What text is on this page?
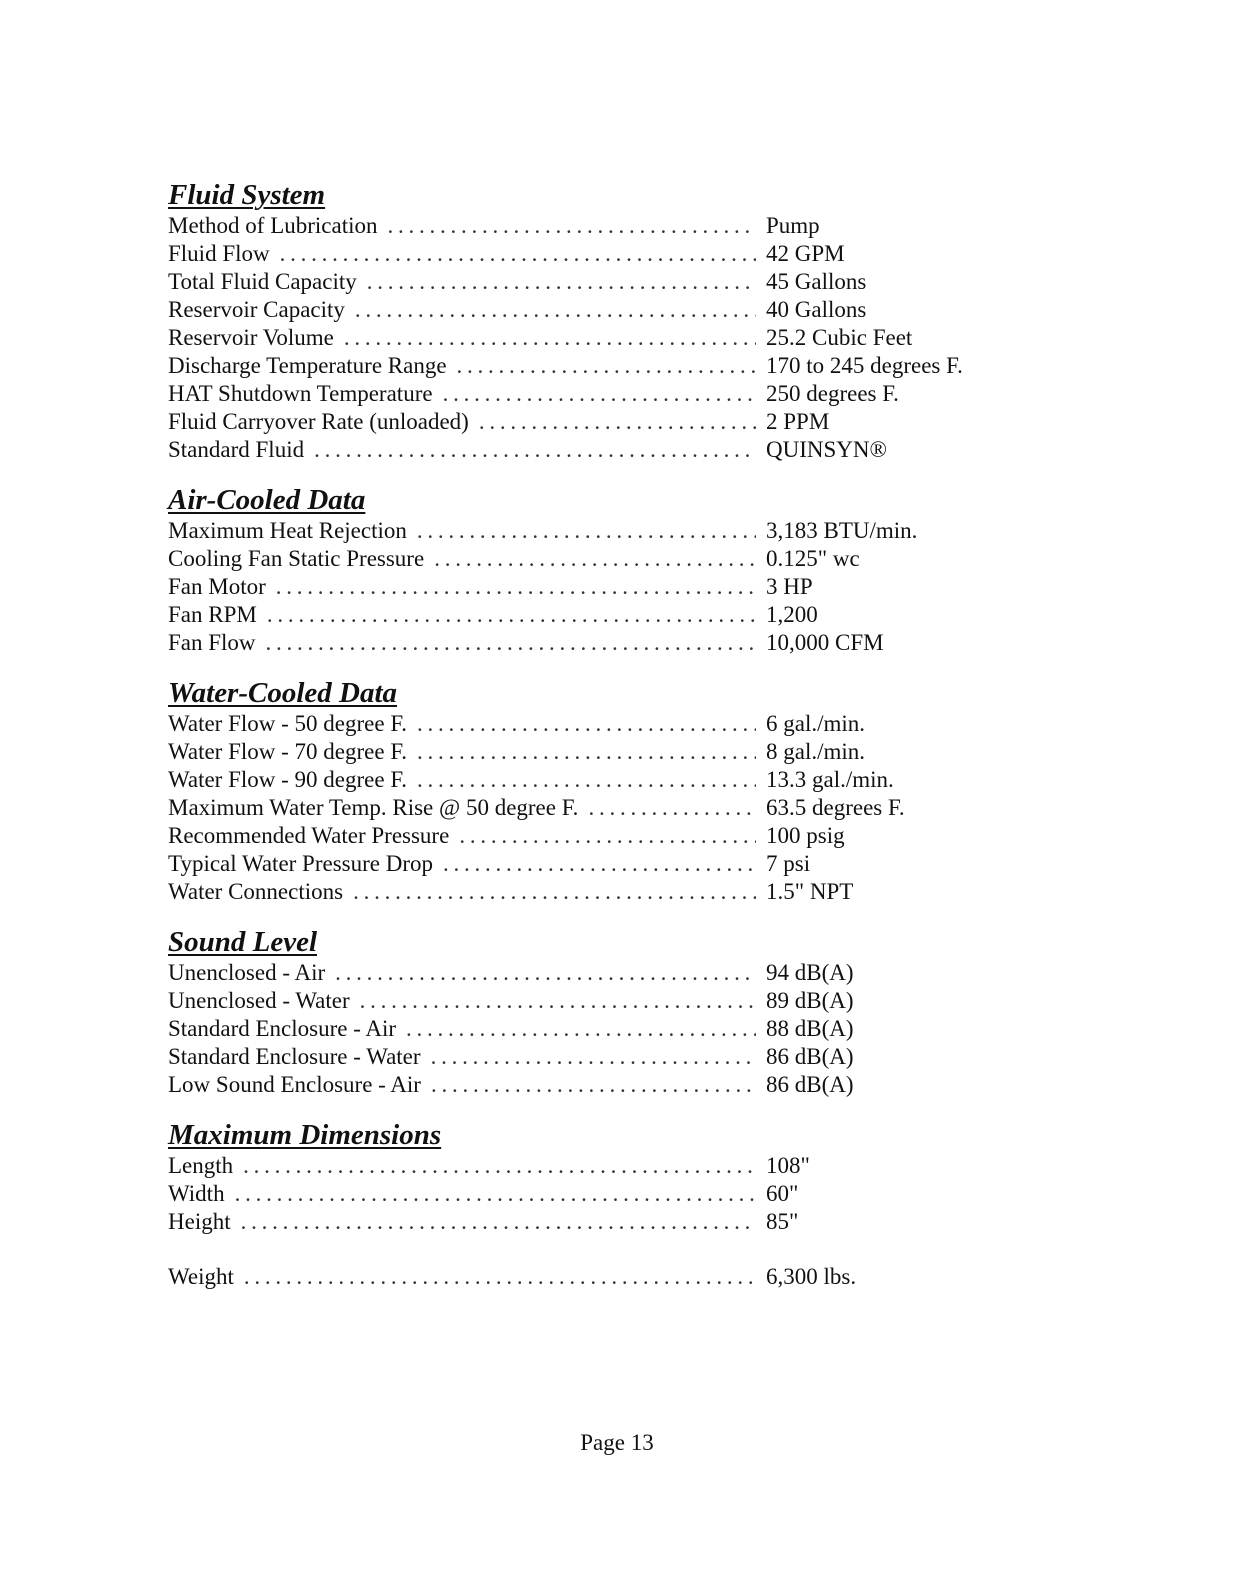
Fluid System
Method of Lubrication . . .	Pump
Fluid Flow . . .	42 GPM
Total Fluid Capacity . . .	45 Gallons
Reservoir Capacity . . .	40 Gallons
Reservoir Volume . . .	25.2 Cubic Feet
Discharge Temperature Range . . .	170 to 245 degrees F.
HAT Shutdown Temperature . . .	250 degrees F.
Fluid Carryover Rate (unloaded) . . .	2 PPM
Standard Fluid . . .	QUINSYN®
Air-Cooled Data
Maximum Heat Rejection . . .	3,183 BTU/min.
Cooling Fan Static Pressure . . .	0.125" wc
Fan Motor . . .	3 HP
Fan RPM . . .	1,200
Fan Flow . . .	10,000 CFM
Water-Cooled Data
Water Flow - 50 degree F. . . .	6 gal./min.
Water Flow - 70 degree F. . . .	8 gal./min.
Water Flow - 90 degree F. . . .	13.3 gal./min.
Maximum Water Temp. Rise @ 50 degree F. . . .	63.5 degrees F.
Recommended Water Pressure . . .	100 psig
Typical Water Pressure Drop . . .	7 psi
Water Connections . . .	1.5" NPT
Sound Level
Unenclosed - Air . . .	94 dB(A)
Unenclosed - Water . . .	89 dB(A)
Standard Enclosure - Air . . .	88 dB(A)
Standard Enclosure - Water . . .	86 dB(A)
Low Sound Enclosure - Air . . .	86 dB(A)
Maximum Dimensions
Length . . .	108"
Width . . .	60"
Height . . .	85"
Weight . . .	6,300 lbs.
Page 13
